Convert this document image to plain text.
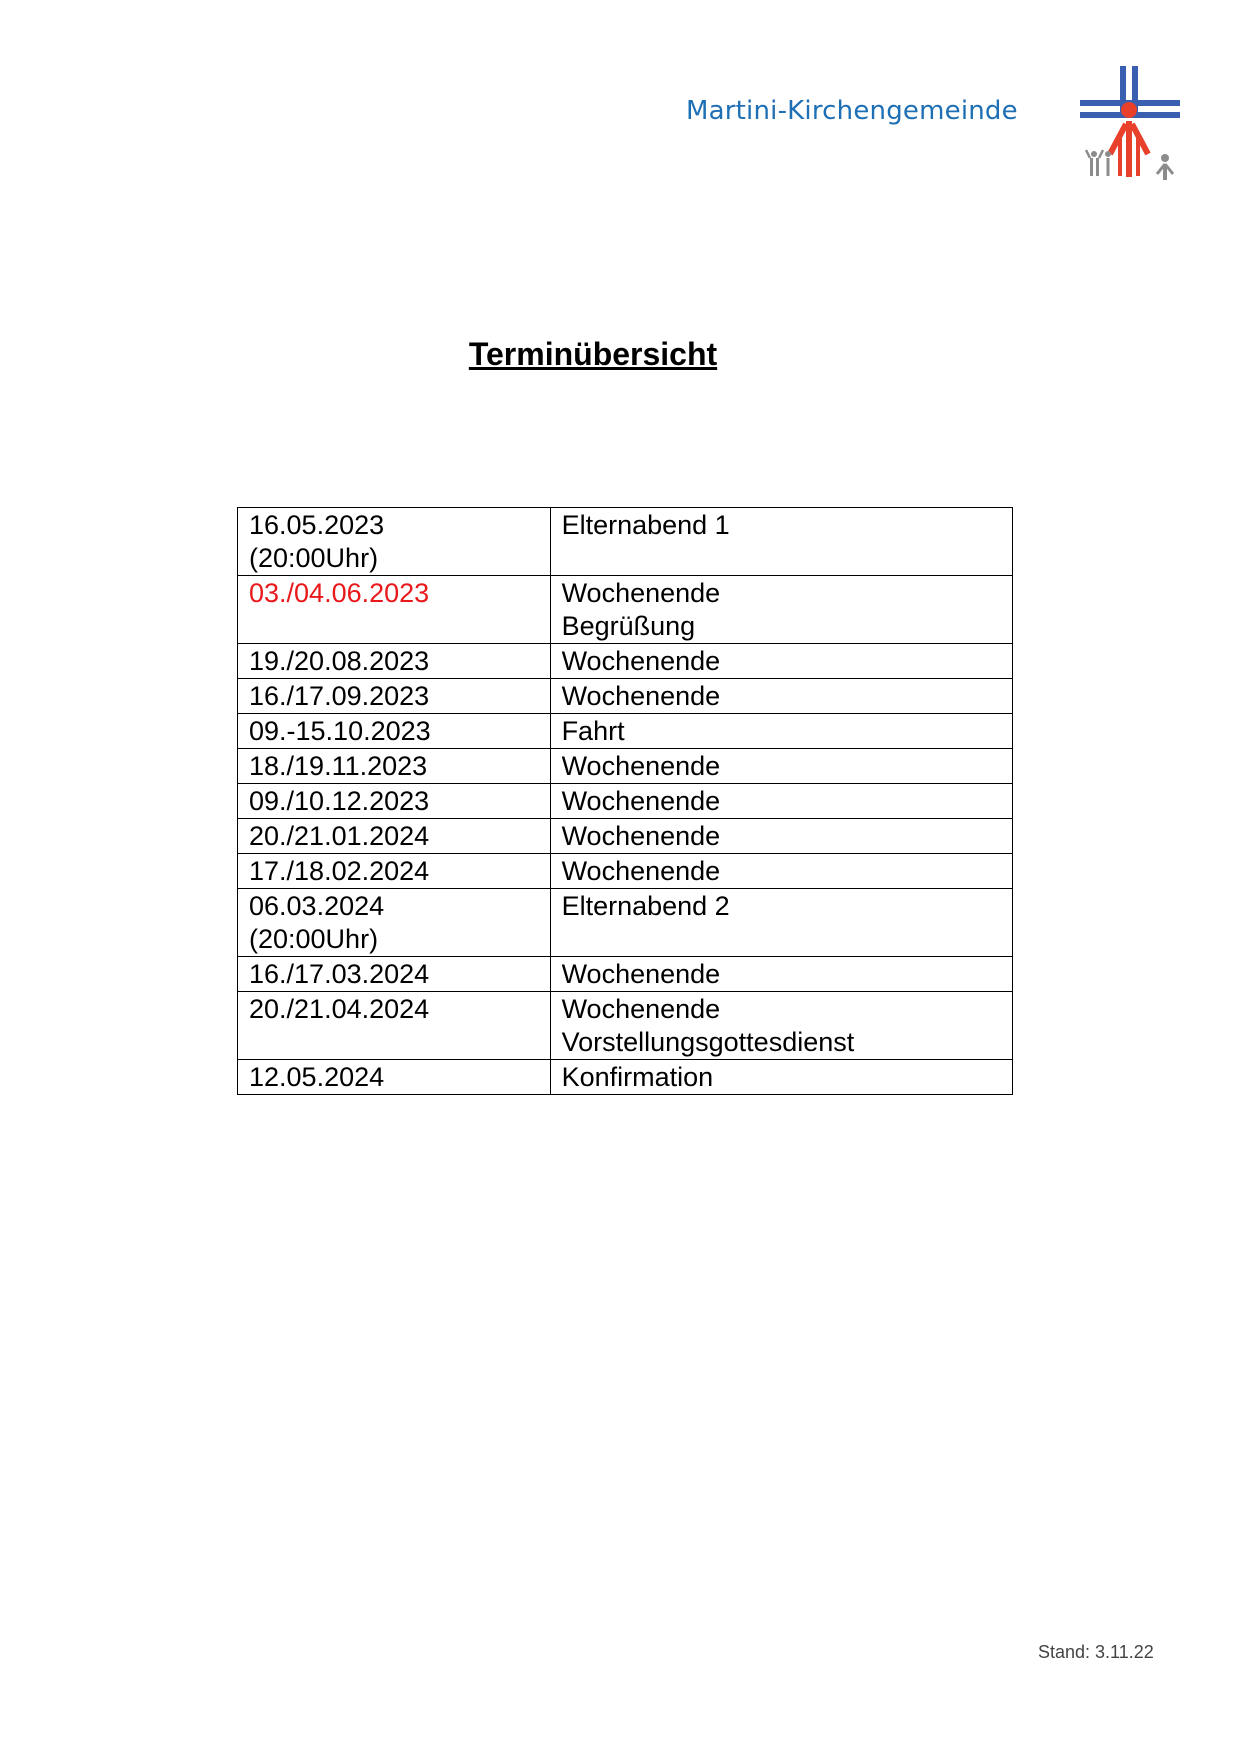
Martini-Kirchengemeinde
Terminübersicht
16.05.2023
(20:00Uhr)	Elternabend 1

03./04.06.2023	Wochenende
Begrüßung

19./20.08.2023	Wochenende

16./17.09.2023	Wochenende

09.-15.10.2023	Fahrt

18./19.11.2023	Wochenende

09./10.12.2023	Wochenende

20./21.01.2024	Wochenende

17./18.02.2024	Wochenende

06.03.2024
(20:00Uhr)	Elternabend 2

16./17.03.2024	Wochenende

20./21.04.2024	Wochenende
Vorstellungsgottesdienst

12.05.2024	Konfirmation
Stand: 3.11.22
